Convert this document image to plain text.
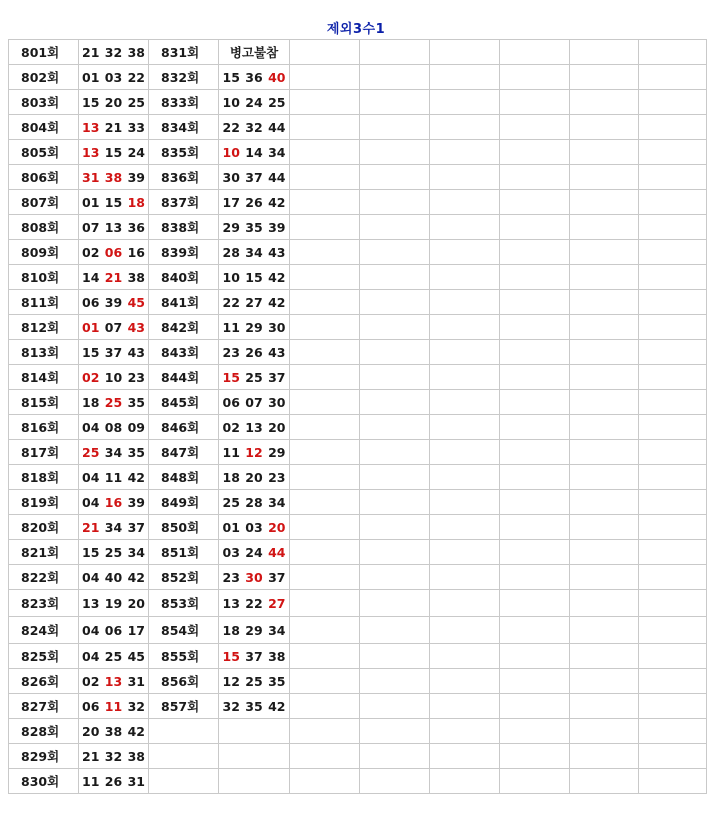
제외3수1
801회	21 32 38	831회	병고불참						
802회	01 03 22	832회	15 36 40						
803회	15 20 25	833회	10 24 25						
804회	13 21 33	834회	22 32 44						
805회	13 15 24	835회	10 14 34						
806회	31 38 39	836회	30 37 44						
807회	01 15 18	837회	17 26 42						
808회	07 13 36	838회	29 35 39						
809회	02 06 16	839회	28 34 43						
810회	14 21 38	840회	10 15 42						
811회	06 39 45	841회	22 27 42						
812회	01 07 43	842회	11 29 30						
813회	15 37 43	843회	23 26 43						
814회	02 10 23	844회	15 25 37						
815회	18 25 35	845회	06 07 30						
816회	04 08 09	846회	02 13 20						
817회	25 34 35	847회	11 12 29						
818회	04 11 42	848회	18 20 23						
819회	04 16 39	849회	25 28 34						
820회	21 34 37	850회	01 03 20						
821회	15 25 34	851회	03 24 44						
822회	04 40 42	852회	23 30 37						
823회	13 19 20	853회	13 22 27						
824회	04 06 17	854회	18 29 34						
825회	04 25 45	855회	15 37 38						
826회	02 13 31	856회	12 25 35						
827회	06 11 32	857회	32 35 42						
828회	20 38 42								
829회	21 32 38								
830회	11 26 31								
